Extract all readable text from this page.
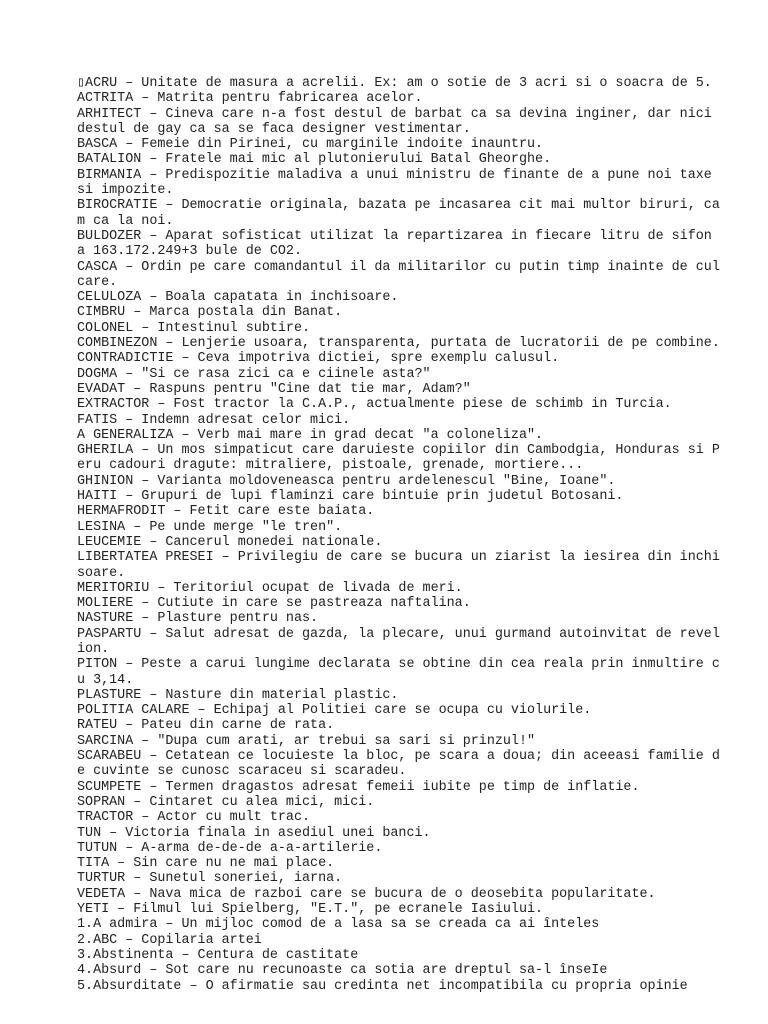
▯ACRU – Unitate de masura a acrelii. Ex: am o sotie de 3 acri si o soacra de 5.
ACTRITA – Matrita pentru fabricarea acelor.
ARHITECT – Cineva care n-a fost destul de barbat ca sa devina inginer, dar nici
destul de gay ca sa se faca designer vestimentar.
BASCA – Femeie din Pirinei, cu marginile indoite inauntru.
BATALION – Fratele mai mic al plutonierului Batal Gheorghe.
BIRMANIA – Predispozitie maladiva a unui ministru de finante de a pune noi taxe
si impozite.
BIROCRATIE – Democratie originala, bazata pe incasarea cit mai multor biruri, ca
m ca la noi.
BULDOZER – Aparat sofisticat utilizat la repartizarea in fiecare litru de sifon
a 163.172.249+3 bule de CO2.
CASCA – Ordin pe care comandantul il da militarilor cu putin timp inainte de cul
care.
CELULOZA – Boala capatata in inchisoare.
CIMBRU – Marca postala din Banat.
COLONEL – Intestinul subtire.
COMBINEZON – Lenjerie usoara, transparenta, purtata de lucratorii de pe combine.
CONTRADICTIE – Ceva impotriva dictiei, spre exemplu calusul.
DOGMA – "Si ce rasa zici ca e ciinele asta?"
EVADAT – Raspuns pentru "Cine dat tie mar, Adam?"
EXTRACTOR – Fost tractor la C.A.P., actualmente piese de schimb in Turcia.
FATIS – Indemn adresat celor mici.
A GENERALIZA – Verb mai mare in grad decat "a coloneliza".
GHERILA – Un mos simpaticut care daruieste copiilor din Cambodgia, Honduras si P
eru cadouri dragute: mitraliere, pistoale, grenade, mortiere...
GHINION – Varianta moldoveneasca pentru ardelenescul "Bine, Ioane".
HAITI – Grupuri de lupi flaminzi care bintuie prin judetul Botosani.
HERMAFRODIT – Fetit care este baiata.
LESINA – Pe unde merge "le tren".
LEUCEMIE – Cancerul monedei nationale.
LIBERTATEA PRESEI – Privilegiu de care se bucura un ziarist la iesirea din inchi
soare.
MERITORIU – Teritoriul ocupat de livada de meri.
MOLIERE – Cutiute in care se pastreaza naftalina.
NASTURE – Plasture pentru nas.
PASPARTU – Salut adresat de gazda, la plecare, unui gurmand autoinvitat de revel
ion.
PITON – Peste a carui lungime declarata se obtine din cea reala prin inmultire c
u 3,14.
PLASTURE – Nasture din material plastic.
POLITIA CALARE – Echipaj al Politiei care se ocupa cu violurile.
RATEU – Pateu din carne de rata.
SARCINA – "Dupa cum arati, ar trebui sa sari si prinzul!"
SCARABEU – Cetatean ce locuieste la bloc, pe scara a doua; din aceeasi familie d
e cuvinte se cunosc scaraceu si scaradeu.
SCUMPETE – Termen dragastos adresat femeii iubite pe timp de inflatie.
SOPRAN – Cintaret cu alea mici, mici.
TRACTOR – Actor cu mult trac.
TUN – Victoria finala in asediul unei banci.
TUTUN – A-arma de-de-de a-a-artilerie.
TITA – Sin care nu ne mai place.
TURTUR – Sunetul soneriei, iarna.
VEDETA – Nava mica de razboi care se bucura de o deosebita popularitate.
YETI – Filmul lui Spielberg, "E.T.", pe ecranele Iasiului.
1.A admira – Un mijloc comod de a lasa sa se creada ca ai înteles
2.ABC – Copilaria artei
3.Abstinenta – Centura de castitate
4.Absurd – Sot care nu recunoaste ca sotia are dreptul sa-l înseIe
5.Absurditate – O afirmatie sau credinta net incompatibila cu propria opinie
